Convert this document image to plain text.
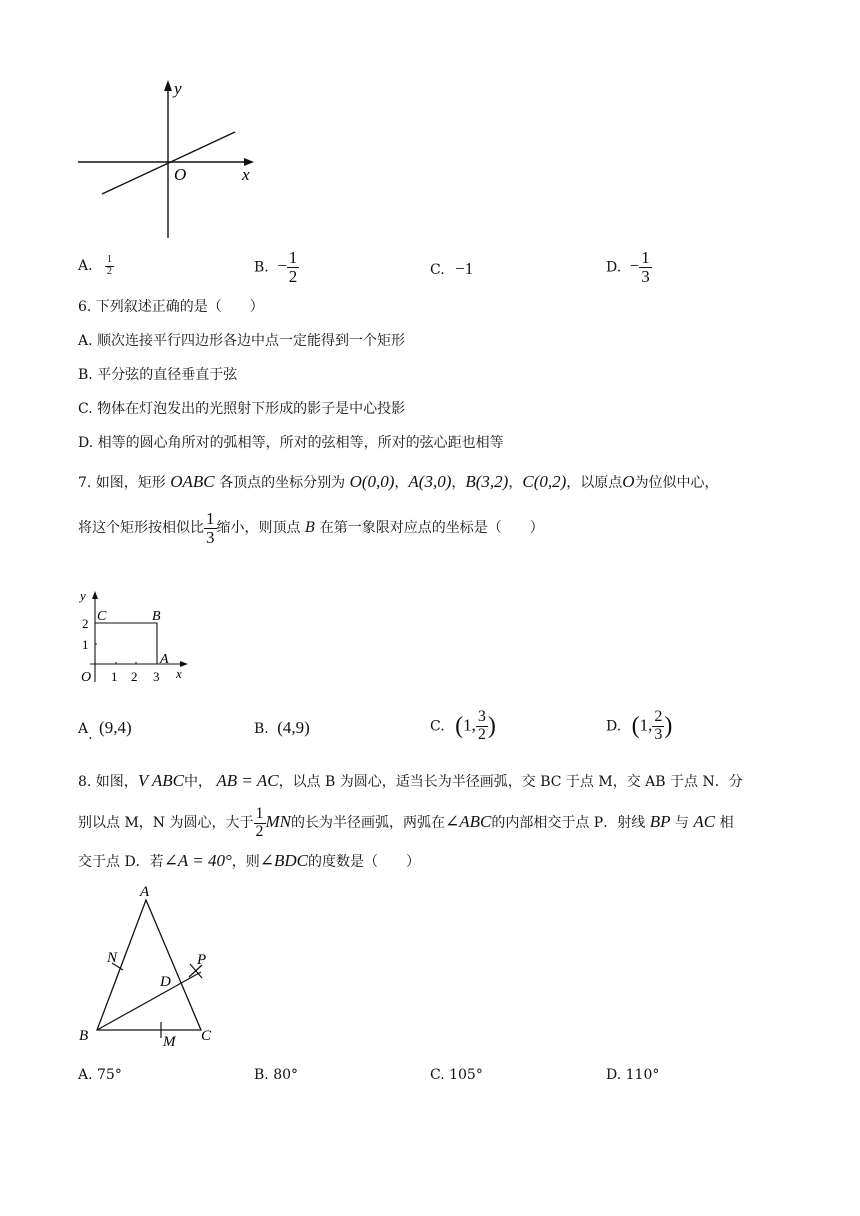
y
x
O
A. $\frac{1}{2}$	B. − $\frac{1}{2}$	C. −1	D. − $\frac{1}{3}$
6. 下列叙述正确的是（　　）
A. 顺次连接平行四边形各边中点一定能得到一个矩形
B. 平分弦的直径垂直于弦
C. 物体在灯泡发出的光照射下形成的影子是中心投影
D. 相等的圆心角所对的弧相等，所对的弦相等，所对的弦心距也相等
7. 如图，矩形 OABC 各顶点的坐标分别为 O(0,0)，A(3,0)，B(3,2)，C(0,2)，以原点O为位似中心，
将这个矩形按相似比 $\frac{1}{3}$ 缩小，则顶点 B 在第一象限对应点的坐标是（　　）
y
x
O 1 2 3
1
2 C	B
A
A. (9,4)	B. (4,9)	C. (1, $\frac{3}{2}$ )	D. (1, $\frac{2}{3}$ )
8. 如图，V ABC中， AB = AC，以点 B 为圆心，适当长为半径画弧，交 BC 于点 M，交 AB 于点 N．分
别以点 M，N 为圆心，大于 $\frac{1}{2}$ MN的长为半径画弧，两弧在∠ABC的内部相交于点 P．射线 BP 与 AC 相
交于点 D．若∠A = 40°，则∠BDC的度数是（　　）
A
B	C
D
M
N	P
A. 75°	B. 80°	C. 105°	D. 110°
